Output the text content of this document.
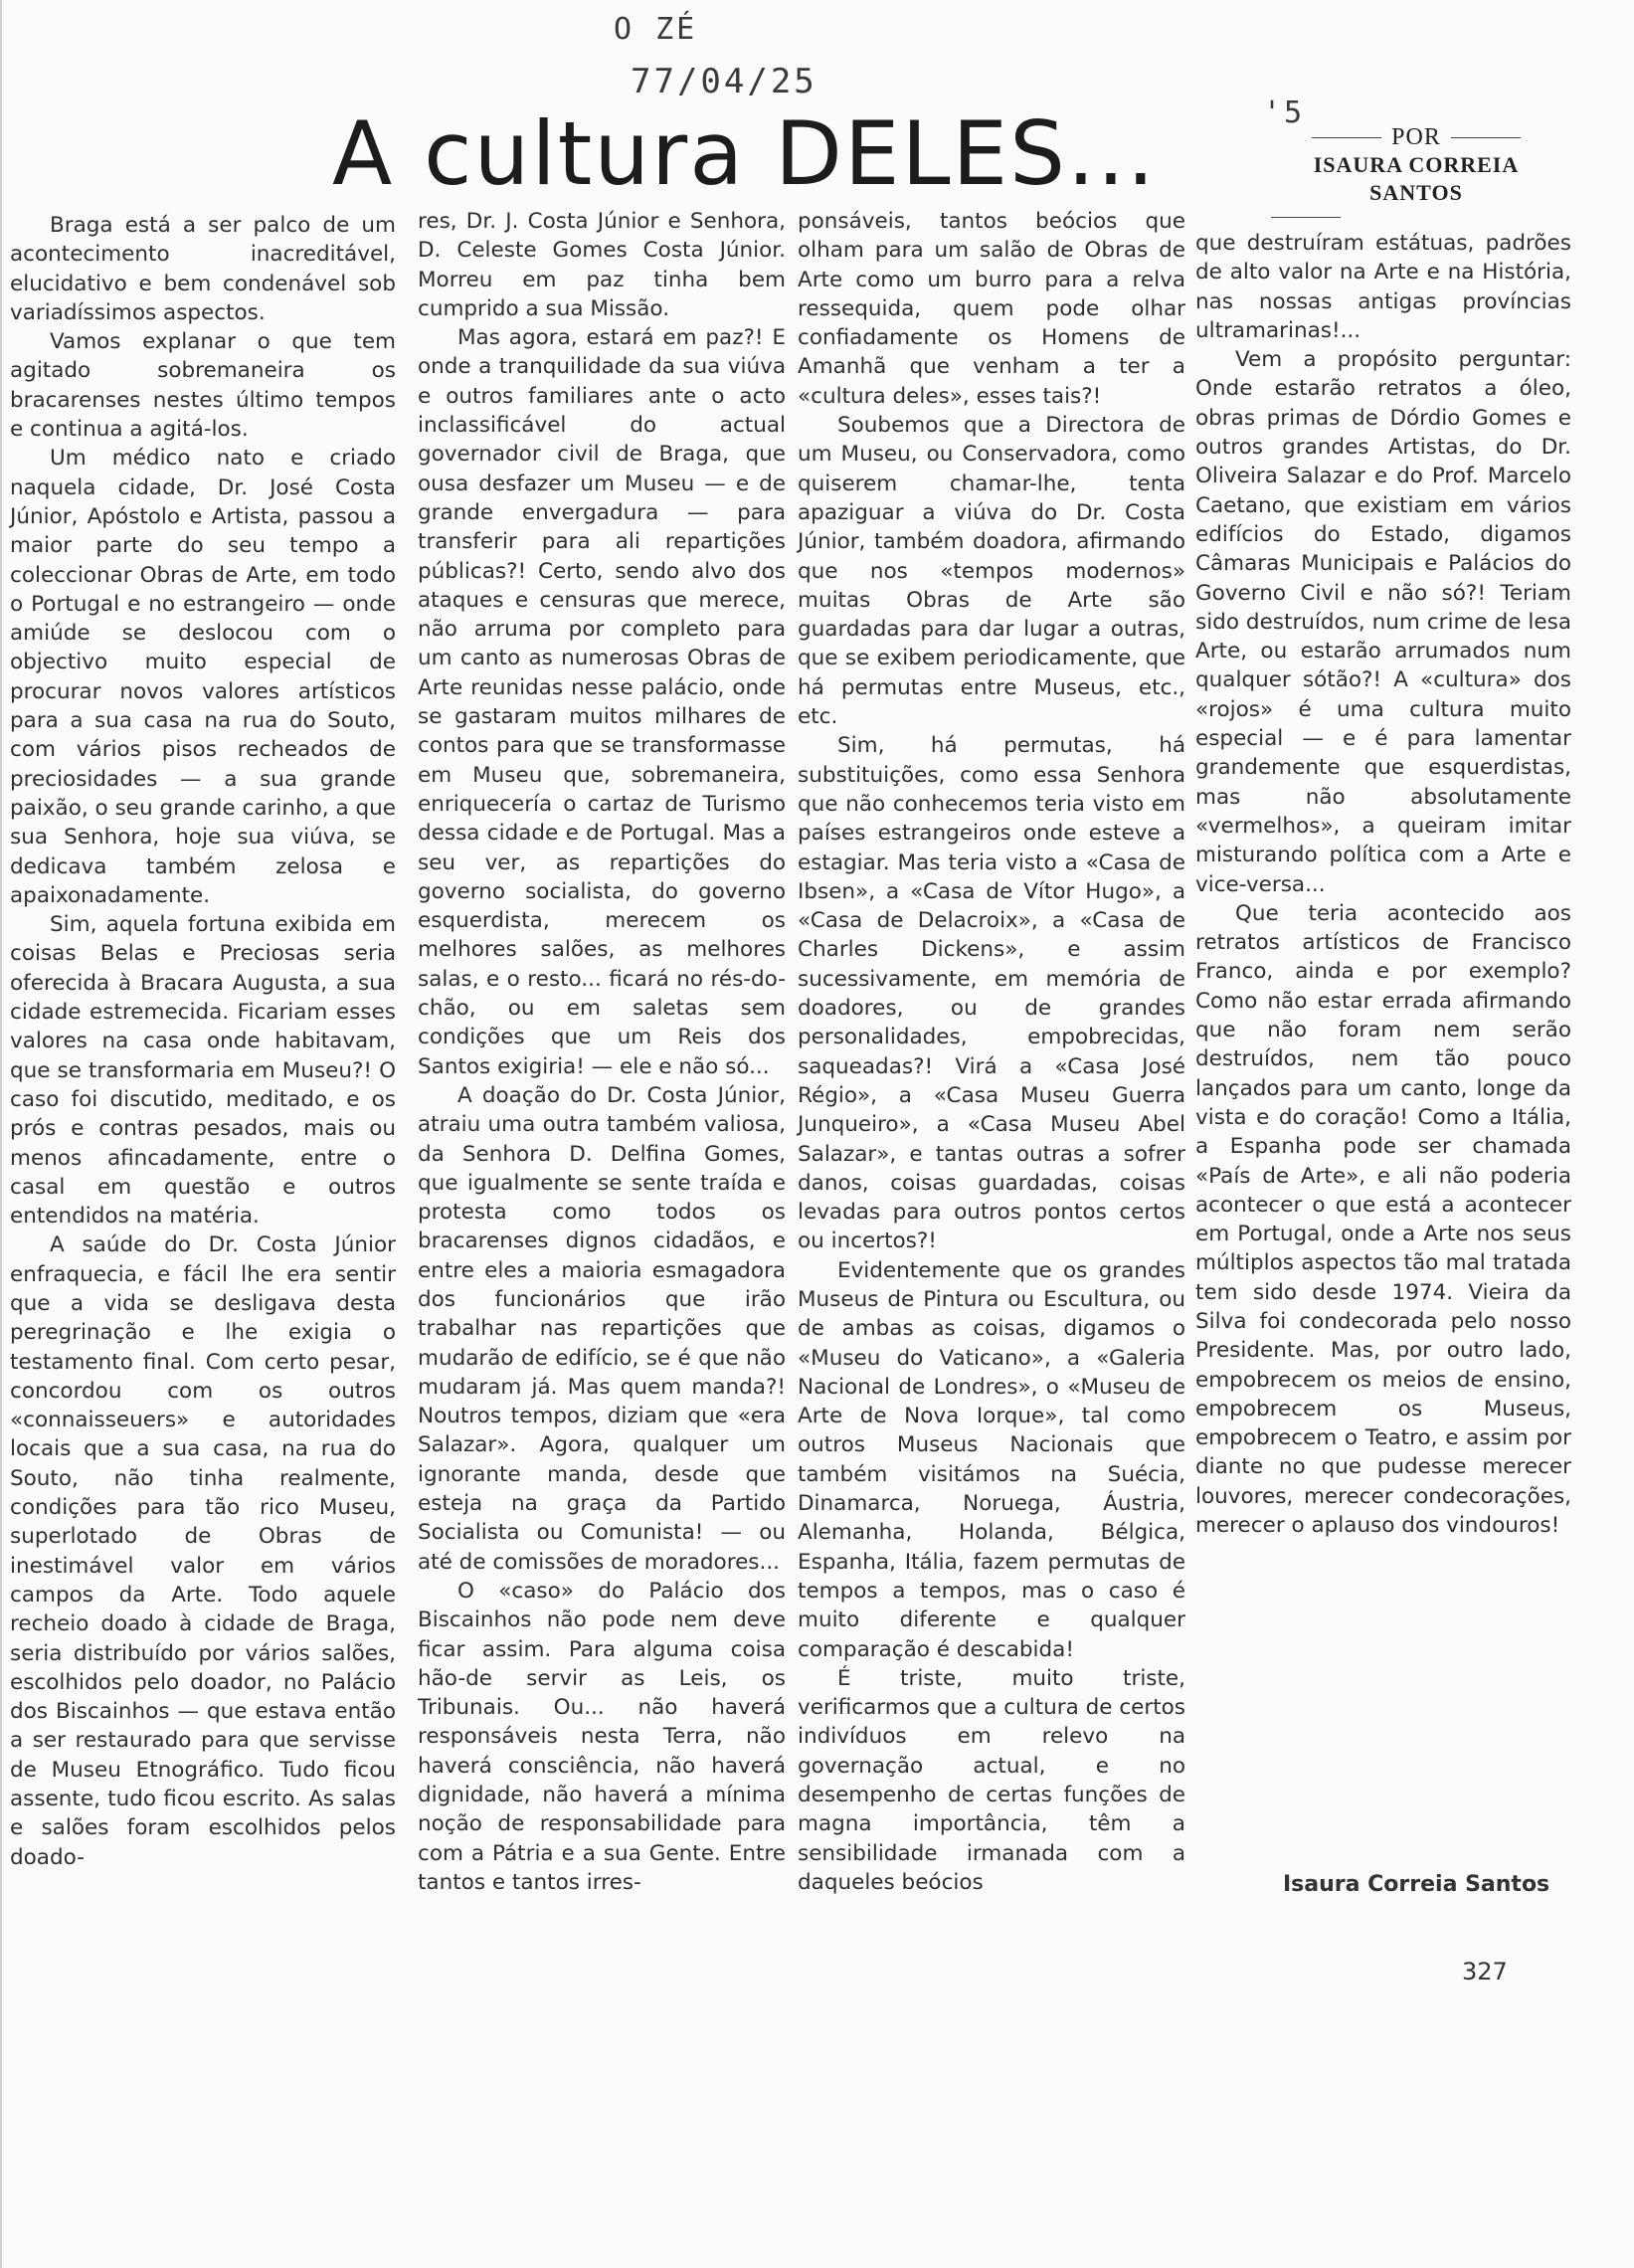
O ZÉ
77/04/25
'5
A cultura DELES...	POR
ISAURA CORREIA
SANTOS

Braga está a ser palco de um acontecimento inacreditável, elucidativo e bem condenável sob variadíssimos aspectos.

Vamos explanar o que tem agitado sobremaneira os bracarenses nestes último tempos e continua a agitá-los.

Um médico nato e criado naquela cidade, Dr. José Costa Júnior, Apóstolo e Artista, passou a maior parte do seu tempo a coleccionar Obras de Arte, em todo o Portugal e no estrangeiro — onde amiúde se deslocou com o objectivo muito especial de procurar novos valores artísticos para a sua casa na rua do Souto, com vários pisos recheados de preciosidades — a sua grande paixão, o seu grande carinho, a que sua Senhora, hoje sua viúva, se dedicava também zelosa e apaixonadamente.

Sim, aquela fortuna exibida em coisas Belas e Preciosas seria oferecida à Bracara Augusta, a sua cidade estremecida. Ficariam esses valores na casa onde habitavam, que se transformaria em Museu?! O caso foi discutido, meditado, e os prós e contras pesados, mais ou menos afincadamente, entre o casal em questão e outros entendidos na matéria.

A saúde do Dr. Costa Júnior enfraquecia, e fácil lhe era sentir que a vida se desligava desta peregrinação e lhe exigia o testamento final. Com certo pesar, concordou com os outros «connaisseuers» e autoridades locais que a sua casa, na rua do Souto, não tinha realmente, condições para tão rico Museu, superlotado de Obras de inestimável valor em vários campos da Arte. Todo aquele recheio doado à cidade de Braga, seria distribuído por vários salões, escolhidos pelo doador, no Palácio dos Biscainhos — que estava então a ser restaurado para que servisse de Museu Etnográfico. Tudo ficou assente, tudo ficou escrito. As salas e salões foram escolhidos pelos doado-

res, Dr. J. Costa Júnior e Senhora, D. Celeste Gomes Costa Júnior. Morreu em paz tinha bem cumprido a sua Missão.

Mas agora, estará em paz?! E onde a tranquilidade da sua viúva e outros familiares ante o acto inclassificável do actual governador civil de Braga, que ousa desfazer um Museu — e de grande envergadura — para transferir para ali repartições públicas?! Certo, sendo alvo dos ataques e censuras que merece, não arruma por completo para um canto as numerosas Obras de Arte reunidas nesse palácio, onde se gastaram muitos milhares de contos para que se transformasse em Museu que, sobremaneira, enriquecería o cartaz de Turismo dessa cidade e de Portugal. Mas a seu ver, as repartições do governo socialista, do governo esquerdista, merecem os melhores salões, as melhores salas, e o resto... ficará no rés-do-chão, ou em saletas sem condições que um Reis dos Santos exigiria! — ele e não só...

A doação do Dr. Costa Júnior, atraiu uma outra também valiosa, da Senhora D. Delfina Gomes, que igualmente se sente traída e protesta como todos os bracarenses dignos cidadãos, e entre eles a maioria esmagadora dos funcionários que irão trabalhar nas repartições que mudarão de edifício, se é que não mudaram já. Mas quem manda?! Noutros tempos, diziam que «era Salazar». Agora, qualquer um ignorante manda, desde que esteja na graça da Partido Socialista ou Comunista! — ou até de comissões de moradores...

O «caso» do Palácio dos Biscainhos não pode nem deve ficar assim. Para alguma coisa hão-de servir as Leis, os Tribunais. Ou... não haverá responsáveis nesta Terra, não haverá consciência, não haverá dignidade, não haverá a mínima noção de responsabilidade para com a Pátria e a sua Gente. Entre tantos e tantos irres-

ponsáveis, tantos beócios que olham para um salão de Obras de Arte como um burro para a relva ressequida, quem pode olhar confiadamente os Homens de Amanhã que venham a ter a «cultura deles», esses tais?!

Soubemos que a Directora de um Museu, ou Conservadora, como quiserem chamar-lhe, tenta apaziguar a viúva do Dr. Costa Júnior, também doadora, afirmando que nos «tempos modernos» muitas Obras de Arte são guardadas para dar lugar a outras, que se exibem periodicamente, que há permutas entre Museus, etc., etc.

Sim, há permutas, há substituições, como essa Senhora que não conhecemos teria visto em países estrangeiros onde esteve a estagiar. Mas teria visto a «Casa de Ibsen», a «Casa de Vítor Hugo», a «Casa de Delacroix», a «Casa de Charles Dickens», e assim sucessivamente, em memória de doadores, ou de grandes personalidades, empobrecidas, saqueadas?! Virá a «Casa José Régio», a «Casa Museu Guerra Junqueiro», a «Casa Museu Abel Salazar», e tantas outras a sofrer danos, coisas guardadas, coisas levadas para outros pontos certos ou incertos?!

Evidentemente que os grandes Museus de Pintura ou Escultura, ou de ambas as coisas, digamos o «Museu do Vaticano», a «Galeria Nacional de Londres», o «Museu de Arte de Nova Iorque», tal como outros Museus Nacionais que também visitámos na Suécia, Dinamarca, Noruega, Áustria, Alemanha, Holanda, Bélgica, Espanha, Itália, fazem permutas de tempos a tempos, mas o caso é muito diferente e qualquer comparação é descabida!

É triste, muito triste, verificarmos que a cultura de certos indivíduos em relevo na governação actual, e no desempenho de certas funções de magna importância, têm a sensibilidade irmanada com a daqueles beócios

que destruíram estátuas, padrões de alto valor na Arte e na História, nas nossas antigas províncias ultramarinas!...

Vem a propósito perguntar: Onde estarão retratos a óleo, obras primas de Dórdio Gomes e outros grandes Artistas, do Dr. Oliveira Salazar e do Prof. Marcelo Caetano, que existiam em vários edifícios do Estado, digamos Câmaras Municipais e Palácios do Governo Civil e não só?! Teriam sido destruídos, num crime de lesa Arte, ou estarão arrumados num qualquer sótão?! A «cultura» dos «rojos» é uma cultura muito especial — e é para lamentar grandemente que esquerdistas, mas não absolutamente «vermelhos», a queiram imitar misturando política com a Arte e vice-versa...

Que teria acontecido aos retratos artísticos de Francisco Franco, ainda e por exemplo? Como não estar errada afirmando que não foram nem serão destruídos, nem tão pouco lançados para um canto, longe da vista e do coração! Como a Itália, a Espanha pode ser chamada «País de Arte», e ali não poderia acontecer o que está a acontecer em Portugal, onde a Arte nos seus múltiplos aspectos tão mal tratada tem sido desde 1974. Vieira da Silva foi condecorada pelo nosso Presidente. Mas, por outro lado, empobrecem os meios de ensino, empobrecem os Museus, empobrecem o Teatro, e assim por diante no que pudesse merecer louvores, merecer condecorações, merecer o aplauso dos vindouros!

Isaura Correia Santos
327
